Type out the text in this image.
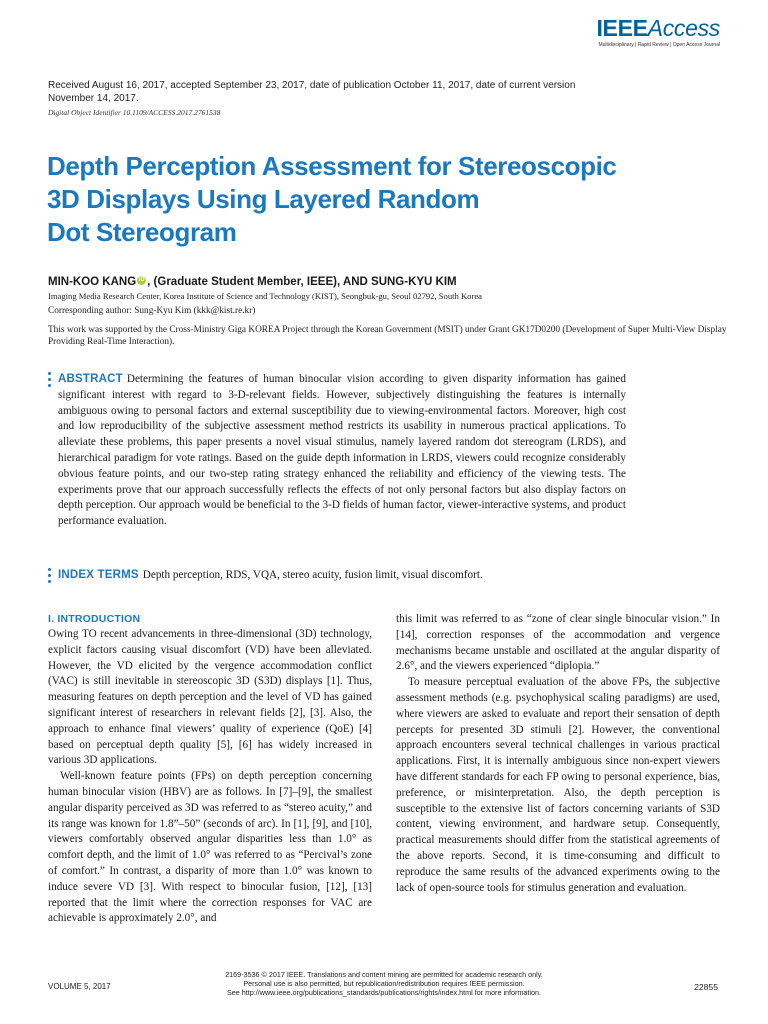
IEEEAccess
Multidisciplinary | Rapid Review | Open Access Journal
Received August 16, 2017, accepted September 23, 2017, date of publication October 11, 2017, date of current version November 14, 2017.
Digital Object Identifier 10.1109/ACCESS.2017.2761538
Depth Perception Assessment for Stereoscopic
3D Displays Using Layered Random
Dot Stereogram
MIN-KOO KANG iD , (Graduate Student Member, IEEE), AND SUNG-KYU KIM
Imaging Media Research Center, Korea Institute of Science and Technology (KIST), Seongbuk-gu, Seoul 02792, South Korea
Corresponding author: Sung-Kyu Kim (kkk@kist.re.kr)
This work was supported by the Cross-Ministry Giga KOREA Project through the Korean Government (MSIT) under Grant GK17D0200 (Development of Super Multi-View Display Providing Real-Time Interaction).
ABSTRACT Determining the features of human binocular vision according to given disparity information has gained significant interest with regard to 3-D-relevant fields. However, subjectively distinguishing the features is internally ambiguous owing to personal factors and external susceptibility due to viewing-environmental factors. Moreover, high cost and low reproducibility of the subjective assessment method restricts its usability in numerous practical applications. To alleviate these problems, this paper presents a novel visual stimulus, namely layered random dot stereogram (LRDS), and hierarchical paradigm for vote ratings. Based on the guide depth information in LRDS, viewers could recognize considerably obvious feature points, and our two-step rating strategy enhanced the reliability and efficiency of the viewing tests. The experiments prove that our approach successfully reflects the effects of not only personal factors but also display factors on depth perception. Our approach would be beneficial to the 3-D fields of human factor, viewer-interactive systems, and product performance evaluation.
INDEX TERMS Depth perception, RDS, VQA, stereo acuity, fusion limit, visual discomfort.
I. INTRODUCTION

Owing TO recent advancements in three-dimensional (3D) technology, explicit factors causing visual discomfort (VD) have been alleviated. However, the VD elicited by the vergence accommodation conflict (VAC) is still inevitable in stereoscopic 3D (S3D) displays [1]. Thus, measuring features on depth perception and the level of VD has gained significant interest of researchers in relevant fields [2], [3]. Also, the approach to enhance final viewers’ quality of experience (QoE) [4] based on perceptual depth quality [5], [6] has widely increased in various 3D applications.

Well-known feature points (FPs) on depth perception concerning human binocular vision (HBV) are as follows. In [7]–[9], the smallest angular disparity perceived as 3D was referred to as “stereo acuity,” and its range was known for 1.8”–50” (seconds of arc). In [1], [9], and [10], viewers comfortably observed angular disparities less than 1.0° as comfort depth, and the limit of 1.0° was referred to as “Percival’s zone of comfort.” In contrast, a disparity of more than 1.0° was known to induce severe VD [3]. With respect to binocular fusion, [12], [13] reported that the limit where the correction responses for VAC are achievable is approximately 2.0°, and

this limit was referred to as “zone of clear single binocular vision.” In [14], correction responses of the accommodation and vergence mechanisms became unstable and oscillated at the angular disparity of 2.6°, and the viewers experienced “diplopia.”

To measure perceptual evaluation of the above FPs, the subjective assessment methods (e.g. psychophysical scaling paradigms) are used, where viewers are asked to evaluate and report their sensation of depth percepts for presented 3D stimuli [2]. However, the conventional approach encounters several technical challenges in various practical applications. First, it is internally ambiguous since non-expert viewers have different standards for each FP owing to personal experience, bias, preference, or misinterpretation. Also, the depth perception is susceptible to the extensive list of factors concerning variants of S3D content, viewing environment, and hardware setup. Consequently, practical measurements should differ from the statistical agreements of the above reports. Second, it is time-consuming and difficult to reproduce the same results of the advanced experiments owing to the lack of open-source tools for stimulus generation and evaluation.

VOLUME 5, 2017
2169-3536 © 2017 IEEE. Translations and content mining are permitted for academic research only.
Personal use is also permitted, but republication/redistribution requires IEEE permission.
See http://www.ieee.org/publications_standards/publications/rights/index.html for more information.
22855
